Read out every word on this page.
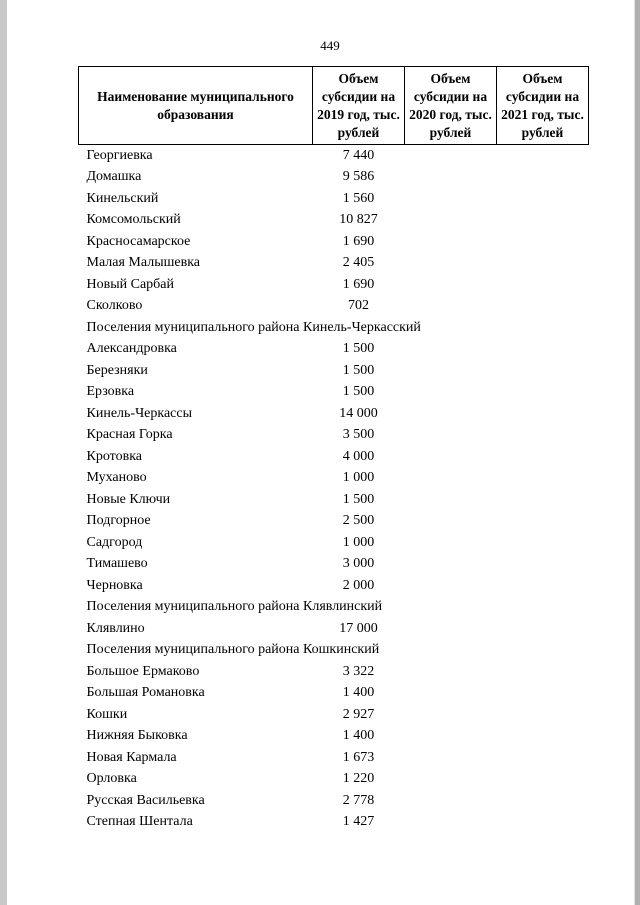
449
Наименование муниципального образования	Объем субсидии на 2019 год, тыс. рублей	Объем субсидии на 2020 год, тыс. рублей	Объем субсидии на 2021 год, тыс. рублей
Георгиевка	7 440		
Домашка	9 586		
Кинельский	1 560		
Комсомольский	10 827		
Красносамарское	1 690		
Малая Малышевка	2 405		
Новый Сарбай	1 690		
Сколково	702		
Поселения муниципального района Кинель-Черкасский			
Александровка	1 500		
Березняки	1 500		
Ерзовка	1 500		
Кинель-Черкассы	14 000		
Красная Горка	3 500		
Кротовка	4 000		
Муханово	1 000		
Новые Ключи	1 500		
Подгорное	2 500		
Садгород	1 000		
Тимашево	3 000		
Черновка	2 000		
Поселения муниципального района Клявлинский			
Клявлино	17 000		
Поселения муниципального района Кошкинский			
Большое Ермаково	3 322		
Большая Романовка	1 400		
Кошки	2 927		
Нижняя Быковка	1 400		
Новая Кармала	1 673		
Орловка	1 220		
Русская Васильевка	2 778		
Степная Шентала	1 427		
